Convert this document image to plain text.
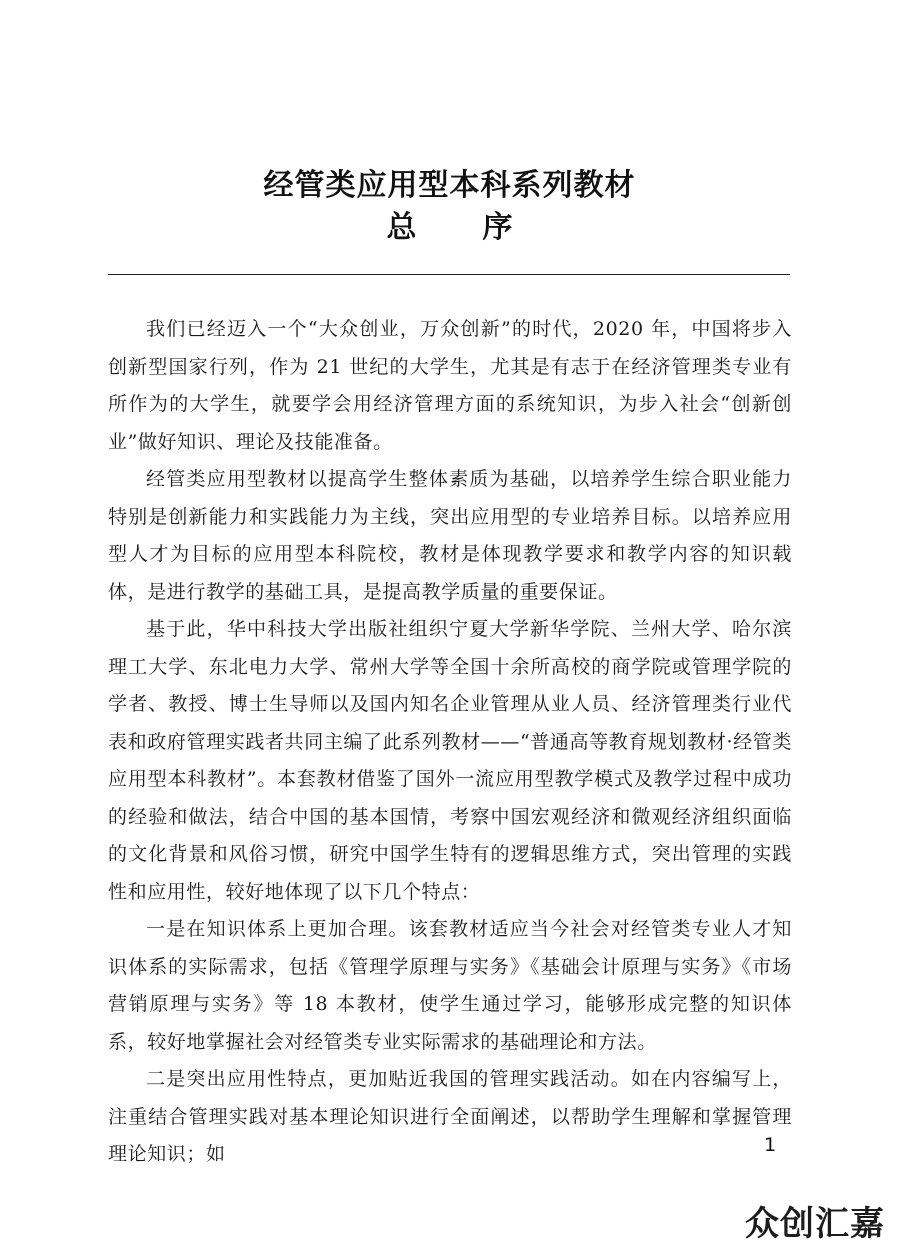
经管类应用型本科系列教材
总序

我们已经迈入一个“大众创业，万众创新”的时代，2020 年，中国将步入创新型国家行列，作为 21 世纪的大学生，尤其是有志于在经济管理类专业有所作为的大学生，就要学会用经济管理方面的系统知识，为步入社会“创新创业”做好知识、理论及技能准备。

经管类应用型教材以提高学生整体素质为基础，以培养学生综合职业能力特别是创新能力和实践能力为主线，突出应用型的专业培养目标。以培养应用型人才为目标的应用型本科院校，教材是体现教学要求和教学内容的知识载体，是进行教学的基础工具，是提高教学质量的重要保证。

基于此，华中科技大学出版社组织宁夏大学新华学院、兰州大学、哈尔滨理工大学、东北电力大学、常州大学等全国十余所高校的商学院或管理学院的学者、教授、博士生导师以及国内知名企业管理从业人员、经济管理类行业代表和政府管理实践者共同主编了此系列教材——“普通高等教育规划教材·经管类应用型本科教材”。本套教材借鉴了国外一流应用型教学模式及教学过程中成功的经验和做法，结合中国的基本国情，考察中国宏观经济和微观经济组织面临的文化背景和风俗习惯，研究中国学生特有的逻辑思维方式，突出管理的实践性和应用性，较好地体现了以下几个特点：

一是在知识体系上更加合理。该套教材适应当今社会对经管类专业人才知识体系的实际需求，包括《管理学原理与实务》《基础会计原理与实务》《市场营销原理与实务》等 18 本教材，使学生通过学习，能够形成完整的知识体系，较好地掌握社会对经管类专业实际需求的基础理论和方法。

二是突出应用性特点，更加贴近我国的管理实践活动。如在内容编写上，注重结合管理实践对基本理论知识进行全面阐述，以帮助学生理解和掌握管理理论知识；如	1
众创汇嘉
